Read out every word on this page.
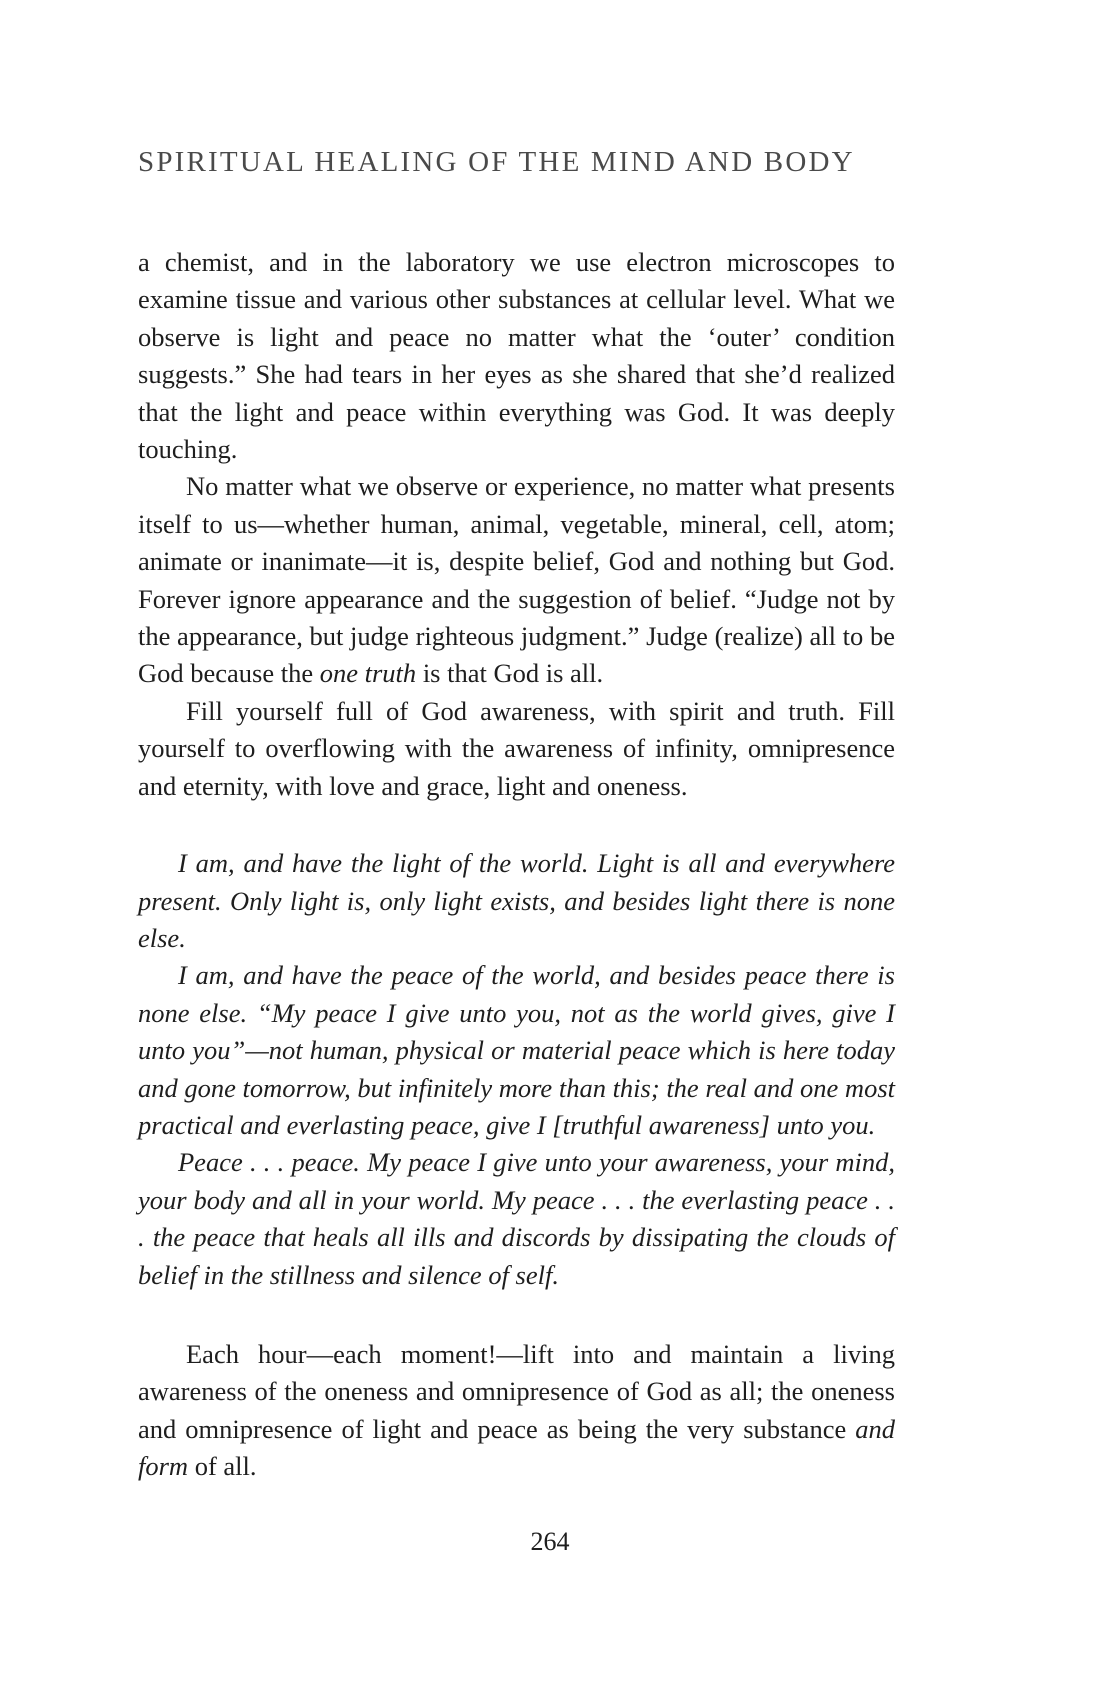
SPIRITUAL HEALING OF THE MIND AND BODY

a chemist, and in the laboratory we use electron microscopes to examine tissue and various other substances at cellular level. What we observe is light and peace no matter what the ‘outer’ condition suggests.” She had tears in her eyes as she shared that she’d realized that the light and peace within everything was God. It was deeply touching.

No matter what we observe or experience, no matter what presents itself to us—whether human, animal, vegetable, mineral, cell, atom; animate or inanimate—it is, despite belief, God and nothing but God. Forever ignore appearance and the suggestion of belief. “Judge not by the appearance, but judge righteous judgment.” Judge (realize) all to be God because the one truth is that God is all.

Fill yourself full of God awareness, with spirit and truth. Fill yourself to overflowing with the awareness of infinity, omnipresence and eternity, with love and grace, light and oneness.

I am, and have the light of the world. Light is all and everywhere present. Only light is, only light exists, and besides light there is none else.

I am, and have the peace of the world, and besides peace there is none else. “My peace I give unto you, not as the world gives, give I unto you”—not human, physical or material peace which is here today and gone tomorrow, but infinitely more than this; the real and one most practical and everlasting peace, give I [truthful awareness] unto you.

Peace . . . peace. My peace I give unto your awareness, your mind, your body and all in your world. My peace . . . the everlasting peace . . . the peace that heals all ills and discords by dissipating the clouds of belief in the stillness and silence of self.

Each hour—each moment!—lift into and maintain a living awareness of the oneness and omnipresence of God as all; the oneness and omnipresence of light and peace as being the very substance and form of all.

264
